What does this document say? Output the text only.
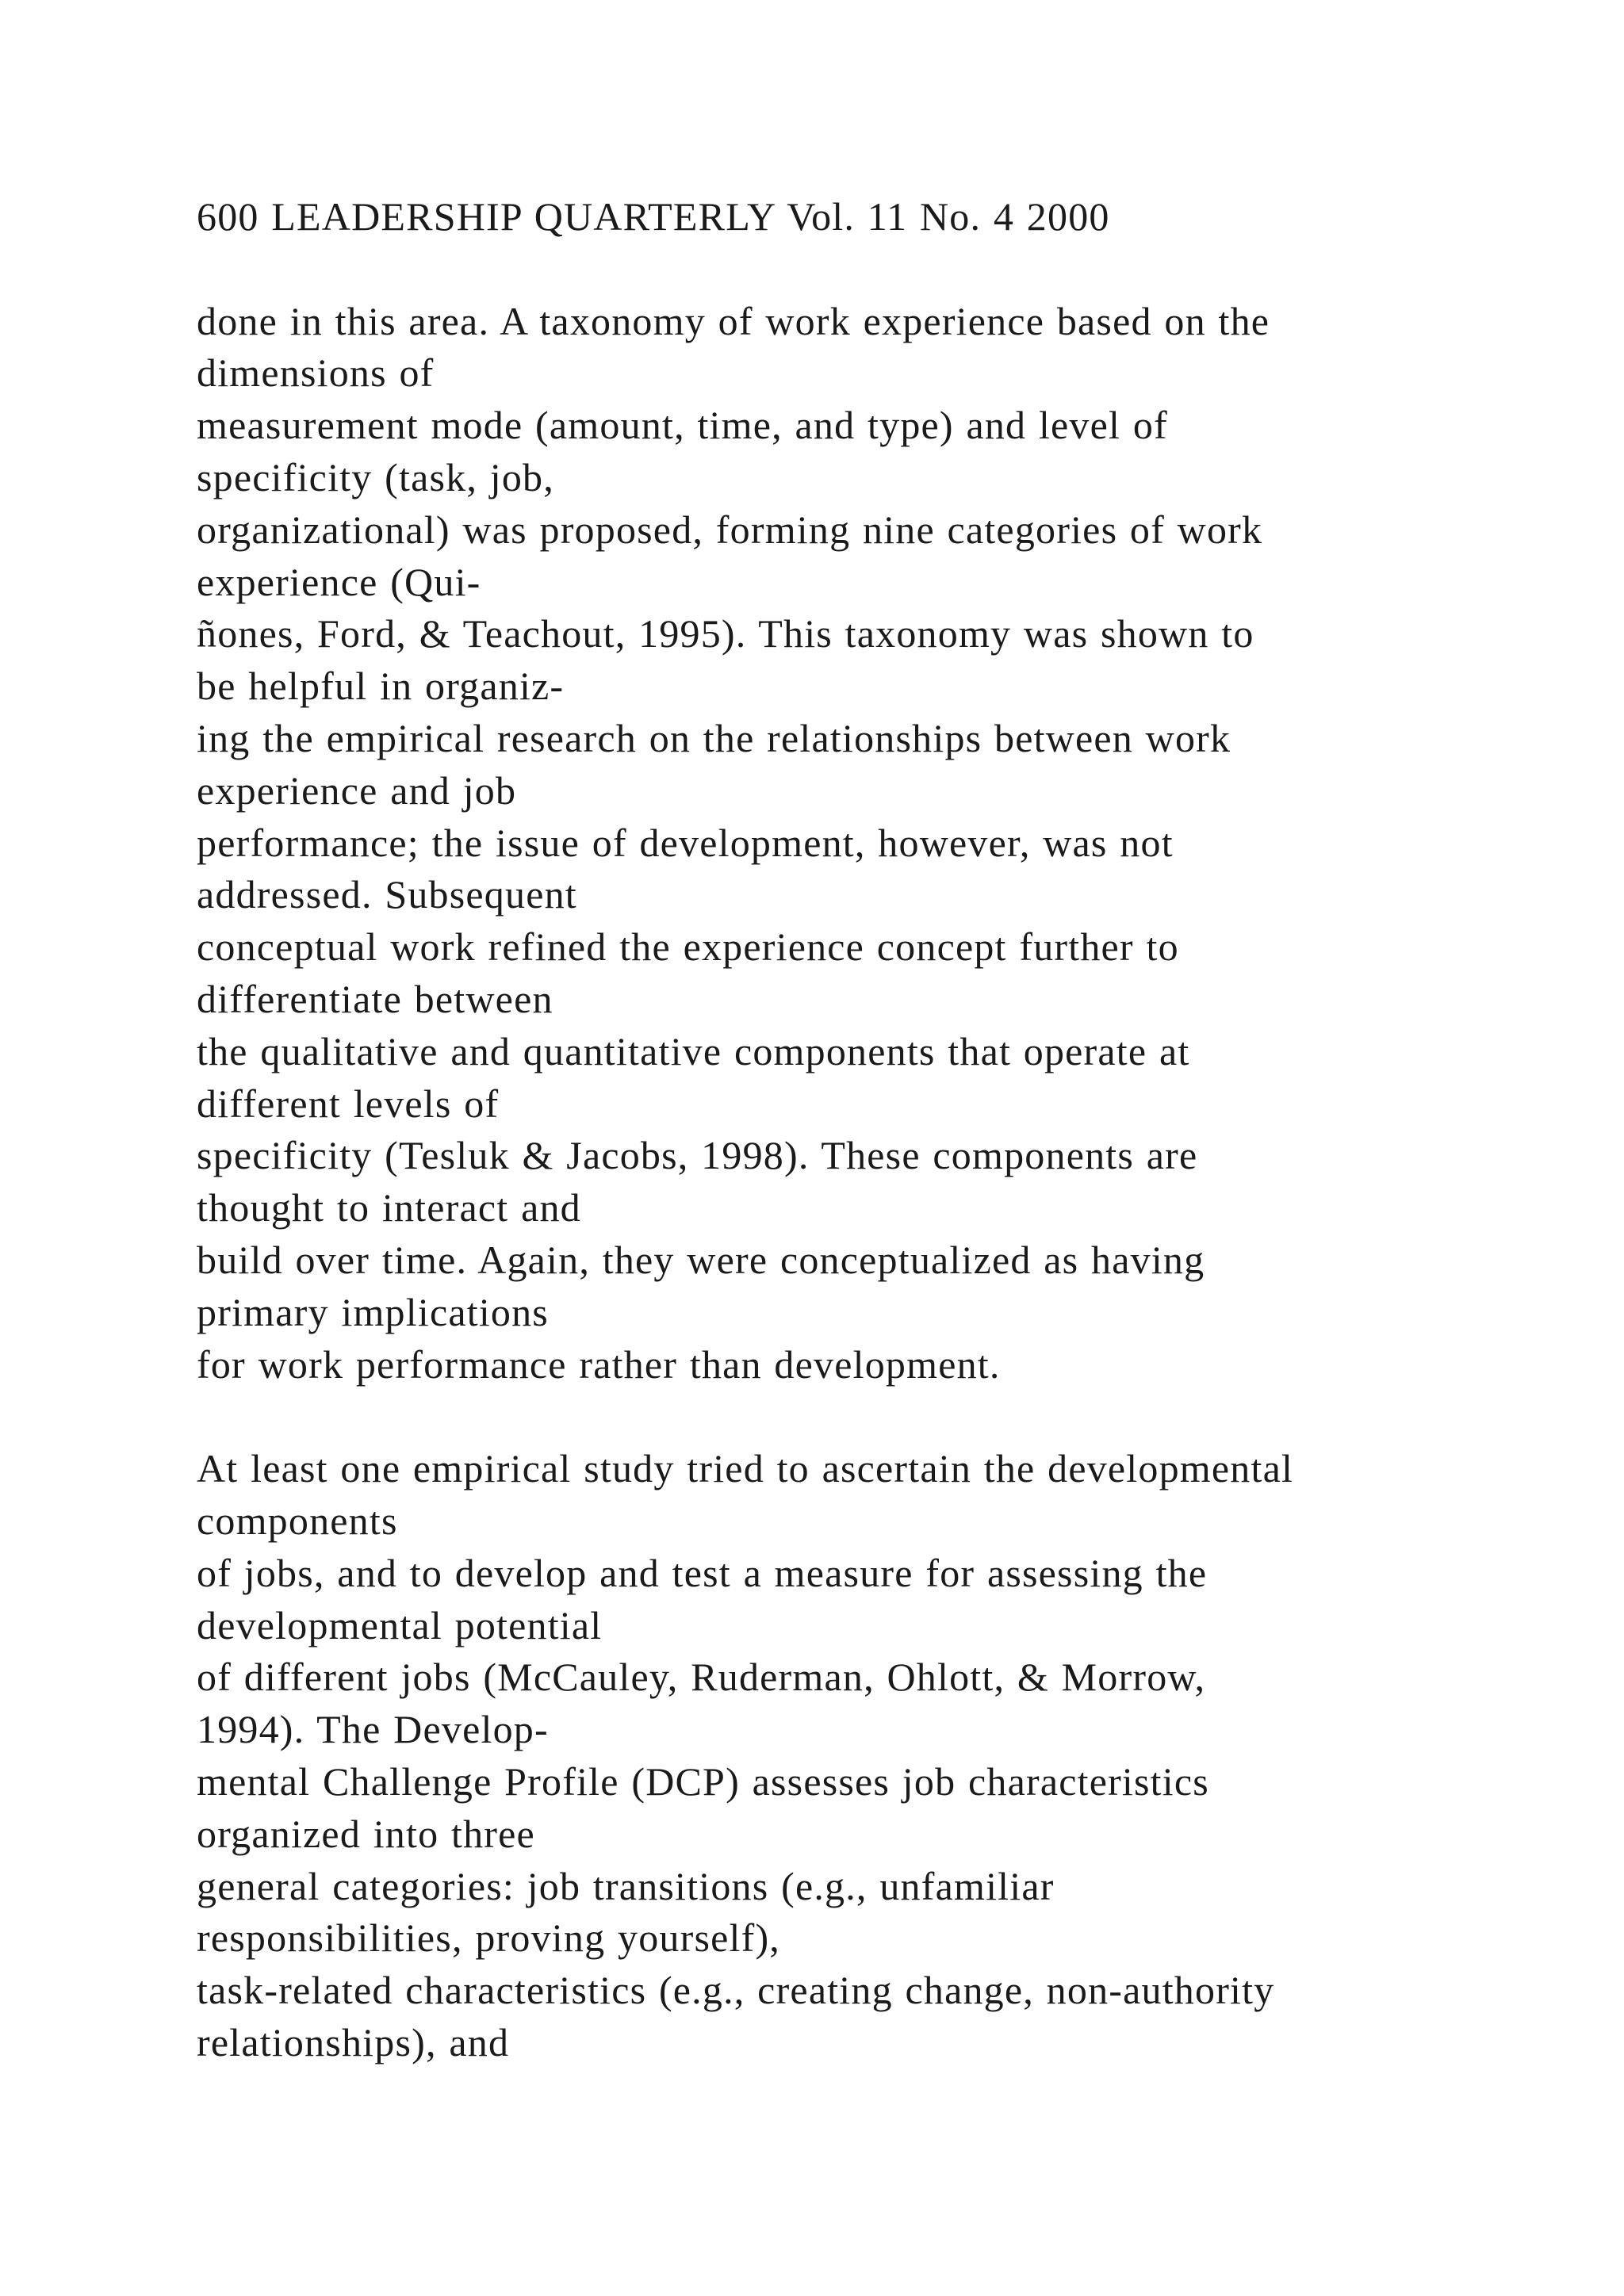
600 LEADERSHIP QUARTERLY Vol. 11 No. 4 2000
done in this area. A taxonomy of work experience based on the
dimensions of
measurement mode (amount, time, and type) and level of
specificity (task, job,
organizational) was proposed, forming nine categories of work
experience (Qui-
ñones, Ford, & Teachout, 1995). This taxonomy was shown to
be helpful in organiz-
ing the empirical research on the relationships between work
experience and job
performance; the issue of development, however, was not
addressed. Subsequent
conceptual work refined the experience concept further to
differentiate between
the qualitative and quantitative components that operate at
different levels of
specificity (Tesluk & Jacobs, 1998). These components are
thought to interact and
build over time. Again, they were conceptualized as having
primary implications
for work performance rather than development.
At least one empirical study tried to ascertain the developmental
components
of jobs, and to develop and test a measure for assessing the
developmental potential
of different jobs (McCauley, Ruderman, Ohlott, & Morrow,
1994). The Develop-
mental Challenge Profile (DCP) assesses job characteristics
organized into three
general categories: job transitions (e.g., unfamiliar
responsibilities, proving yourself),
task-related characteristics (e.g., creating change, non-authority
relationships), and
